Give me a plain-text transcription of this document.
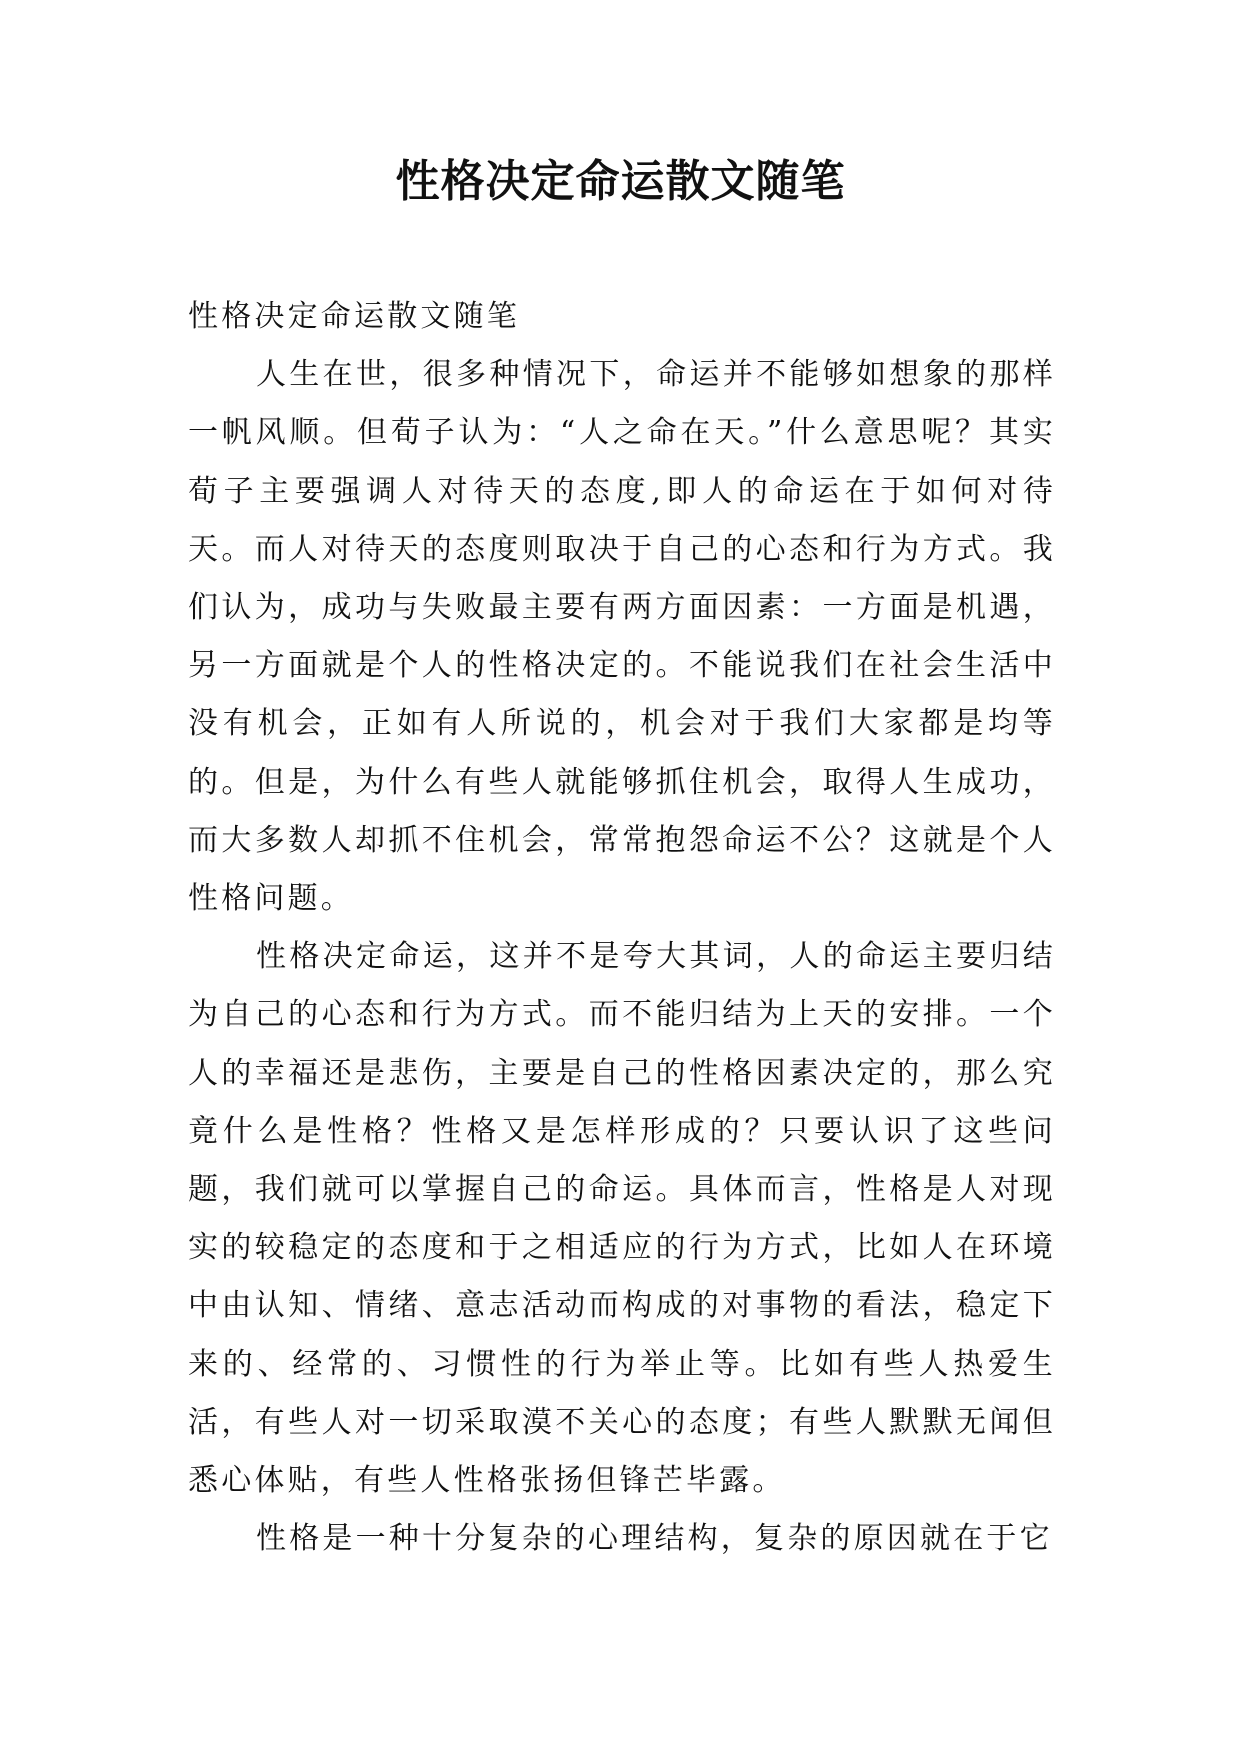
性格决定命运散文随笔

性格决定命运散文随笔

人生在世，很多种情况下，命运并不能够如想象的那样一帆风顺。但荀子认为：“人之命在天。”什么意思呢？其实荀子主要强调人对待天的态度,即人的命运在于如何对待天。而人对待天的态度则取决于自己的心态和行为方式。我们认为，成功与失败最主要有两方面因素：一方面是机遇，另一方面就是个人的性格决定的。不能说我们在社会生活中没有机会，正如有人所说的，机会对于我们大家都是均等的。但是，为什么有些人就能够抓住机会，取得人生成功，而大多数人却抓不住机会，常常抱怨命运不公？这就是个人性格问题。

性格决定命运，这并不是夸大其词，人的命运主要归结为自己的心态和行为方式。而不能归结为上天的安排。一个人的幸福还是悲伤，主要是自己的性格因素决定的，那么究竟什么是性格？性格又是怎样形成的？只要认识了这些问题，我们就可以掌握自己的命运。具体而言，性格是人对现实的较稳定的态度和于之相适应的行为方式，比如人在环境中由认知、情绪、意志活动而构成的对事物的看法，稳定下来的、经常的、习惯性的行为举止等。比如有些人热爱生活，有些人对一切采取漠不关心的态度；有些人默默无闻但悉心体贴，有些人性格张扬但锋芒毕露。

性格是一种十分复杂的心理结构，复杂的原因就在于它
